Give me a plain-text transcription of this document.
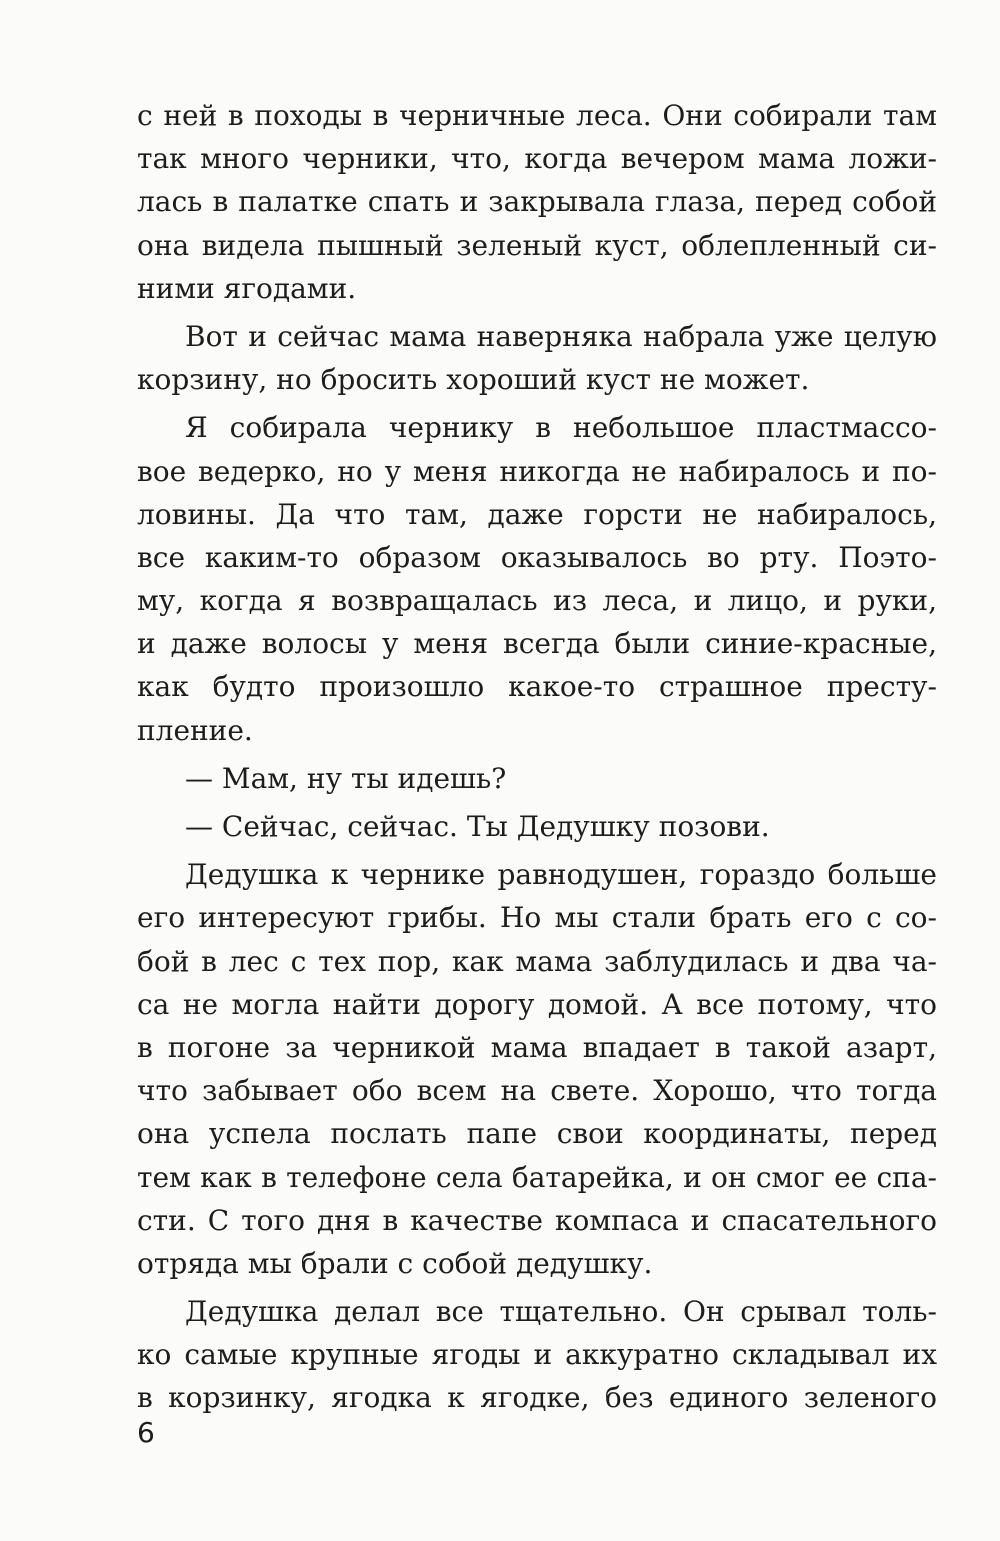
с ней в походы в черничные леса. Они собирали там
так много черники, что, когда вечером мама ложи-
лась в палатке спать и закрывала глаза, перед собой
она видела пышный зеленый куст, облепленный си-
ними ягодами.
Вот и сейчас мама наверняка набрала уже целую
корзину, но бросить хороший куст не может.
Я собирала чернику в небольшое пластмассо-
вое ведерко, но у меня никогда не набиралось и по-
ловины. Да что там, даже горсти не набиралось,
все каким-то образом оказывалось во рту. Поэто-
му, когда я возвращалась из леса, и лицо, и руки,
и даже волосы у меня всегда были синие-красные,
как будто произошло какое-то страшное престу-
пление.
— Мам, ну ты идешь?
— Сейчас, сейчас. Ты Дедушку позови.
Дедушка к чернике равнодушен, гораздо больше
его интересуют грибы. Но мы стали брать его с со-
бой в лес с тех пор, как мама заблудилась и два ча-
са не могла найти дорогу домой. А все потому, что
в погоне за черникой мама впадает в такой азарт,
что забывает обо всем на свете. Хорошо, что тогда
она успела послать папе свои координаты, перед
тем как в телефоне села батарейка, и он смог ее спа-
сти. С того дня в качестве компаса и спасательного
отряда мы брали с собой дедушку.
Дедушка делал все тщательно. Он срывал толь-
ко самые крупные ягоды и аккуратно складывал их
в корзинку, ягодка к ягодке, без единого зеленого
6
